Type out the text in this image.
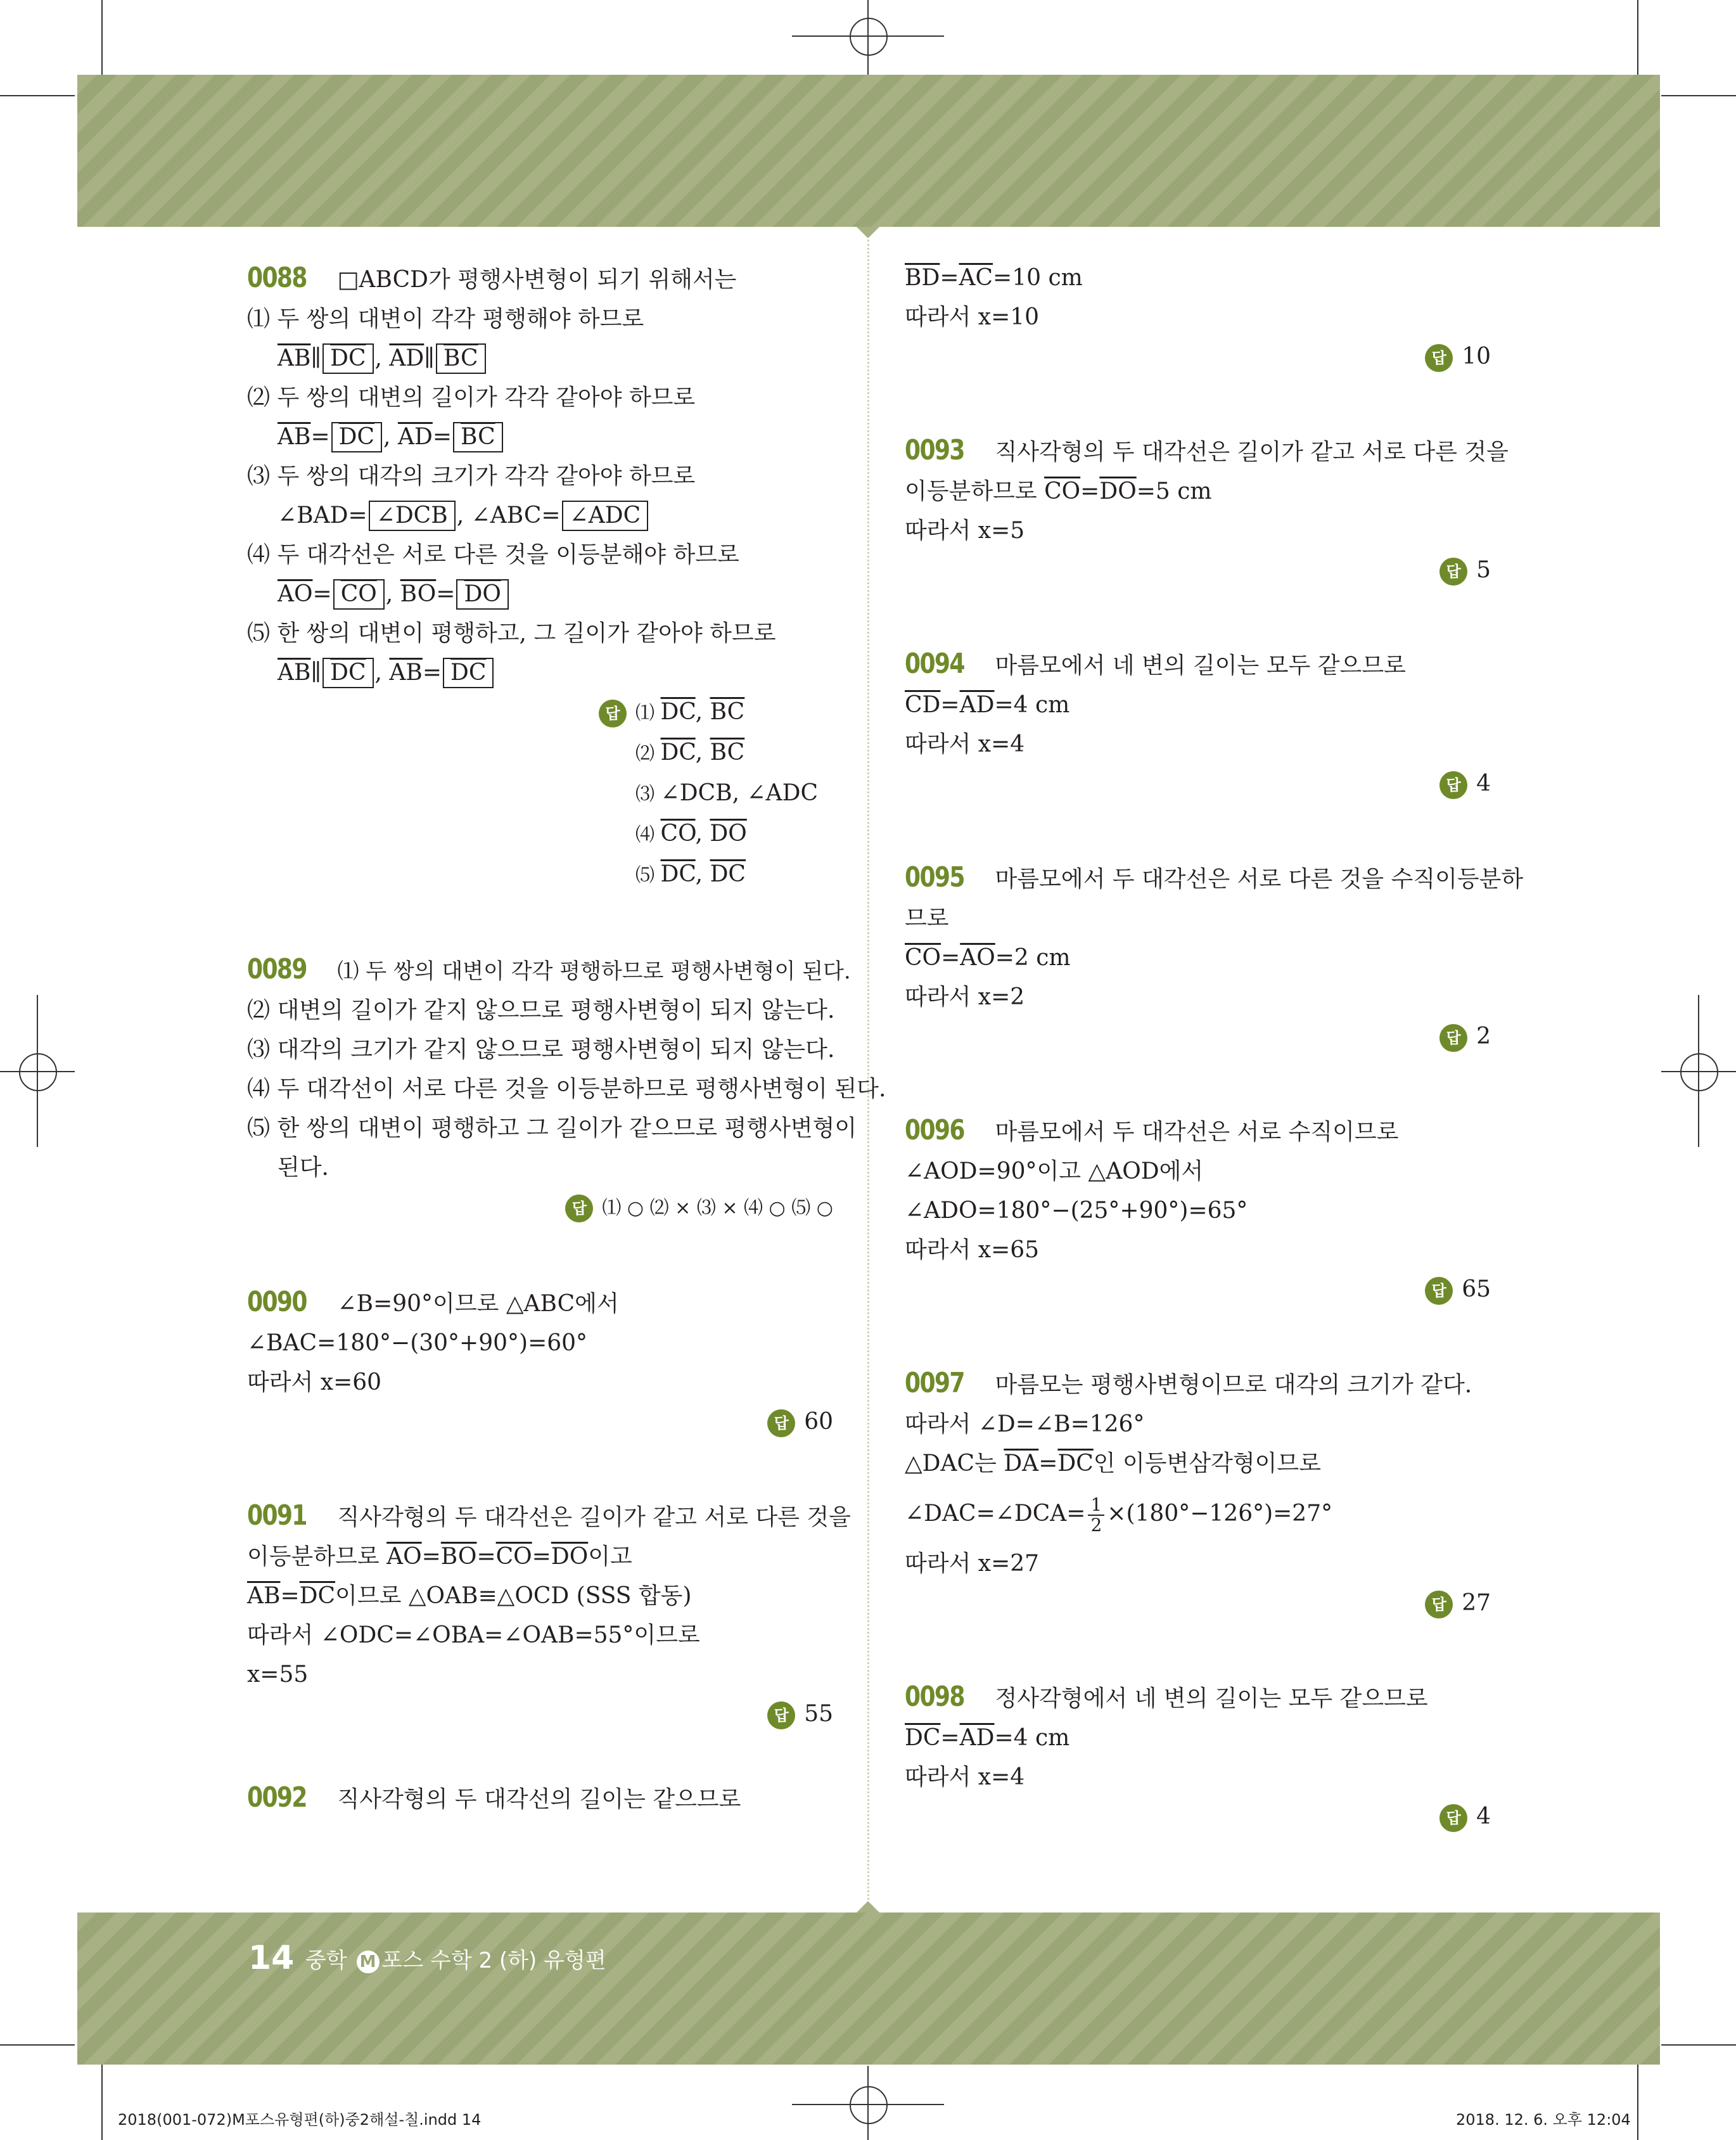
0088 □ABCD가 평행사변형이 되기 위해서는
⑴ 두 쌍의 대변이 각각 평행해야 하므로
$\overline{AB}\parallel$ $\overline{DC}$ , $\overline{AD}\parallel$ $\overline{BC}$
⑵ 두 쌍의 대변의 길이가 각각 같아야 하므로
$\overline{AB}= \overline{DC}$ , $\overline{AD}= \overline{BC}$
⑶ 두 쌍의 대각의 크기가 각각 같아야 하므로
∠BAD= ∠DCB , ∠ABC= ∠ADC
⑷ 두 대각선은 서로 다른 것을 이등분해야 하므로
$\overline{AO}= \overline{CO}$ , $\overline{BO}= \overline{DO}$
⑸ 한 쌍의 대변이 평행하고, 그 길이가 같아야 하므로
$\overline{AB}\parallel$ $\overline{DC}$ , $\overline{AB}= \overline{DC}$
답 ⑴ $\overline{DC}$, $\overline{BC}$
⑵ $\overline{DC}$, $\overline{BC}$
⑶ ∠DCB, ∠ADC
⑷ $\overline{CO}$, $\overline{DO}$
⑸ $\overline{DC}$, $\overline{DC}$
0089 ⑴ 두 쌍의 대변이 각각 평행하므로 평행사변형이 된다.
⑵ 대변의 길이가 같지 않으므로 평행사변형이 되지 않는다.
⑶ 대각의 크기가 같지 않으므로 평행사변형이 되지 않는다.
⑷ 두 대각선이 서로 다른 것을 이등분하므로 평행사변형이 된다.
⑸ 한 쌍의 대변이 평행하고 그 길이가 같으므로 평행사변형이
된다.
답 ⑴ ○ ⑵ × ⑶ × ⑷ ○ ⑸ ○
0090 ∠B=90°이므로 △ABC에서
∠BAC=180°−(30°+90°)=60°
따라서 x=60
답 60
0091 직사각형의 두 대각선은 길이가 같고 서로 다른 것을
이등분하므로 $\overline{AO}=\overline{BO}=\overline{CO}=\overline{DO}$이고
$\overline{AB}=\overline{DC}$이므로 △OAB≡△OCD (SSS 합동)
따라서 ∠ODC=∠OBA=∠OAB=55°이므로
x=55
답 55
0092 직사각형의 두 대각선의 길이는 같으므로
$\overline{BD}=\overline{AC}=10$ cm
따라서 x=10
답 10
0093 직사각형의 두 대각선은 길이가 같고 서로 다른 것을
이등분하므로 $\overline{CO}=\overline{DO}=5$ cm
따라서 x=5
답 5
0094 마름모에서 네 변의 길이는 모두 같으므로
$\overline{CD}=\overline{AD}=4$ cm
따라서 x=4
답 4
0095 마름모에서 두 대각선은 서로 다른 것을 수직이등분하
므로
$\overline{CO}=\overline{AO}=2$ cm
따라서 x=2
답 2
0096 마름모에서 두 대각선은 서로 수직이므로
∠AOD=90°이고 △AOD에서
∠ADO=180°−(25°+90°)=65°
따라서 x=65
답 65
0097 마름모는 평행사변형이므로 대각의 크기가 같다.
따라서 ∠D=∠B=126°
△DAC는 $\overline{DA}=\overline{DC}$인 이등변삼각형이므로
∠DAC=∠DCA= $\frac{1}{2} \times(180^\circ-126^\circ)=27^\circ$
따라서 x=27
답 27
0098 정사각형에서 네 변의 길이는 모두 같으므로
$\overline{DC}=\overline{AD}=4$ cm
따라서 x=4
답 4
14 중학 M 포스 수학 2 (하) 유형편
2018(001-072)M포스유형편(하)중2해설-칠.indd 14	2018. 12. 6. 오후 12:04
